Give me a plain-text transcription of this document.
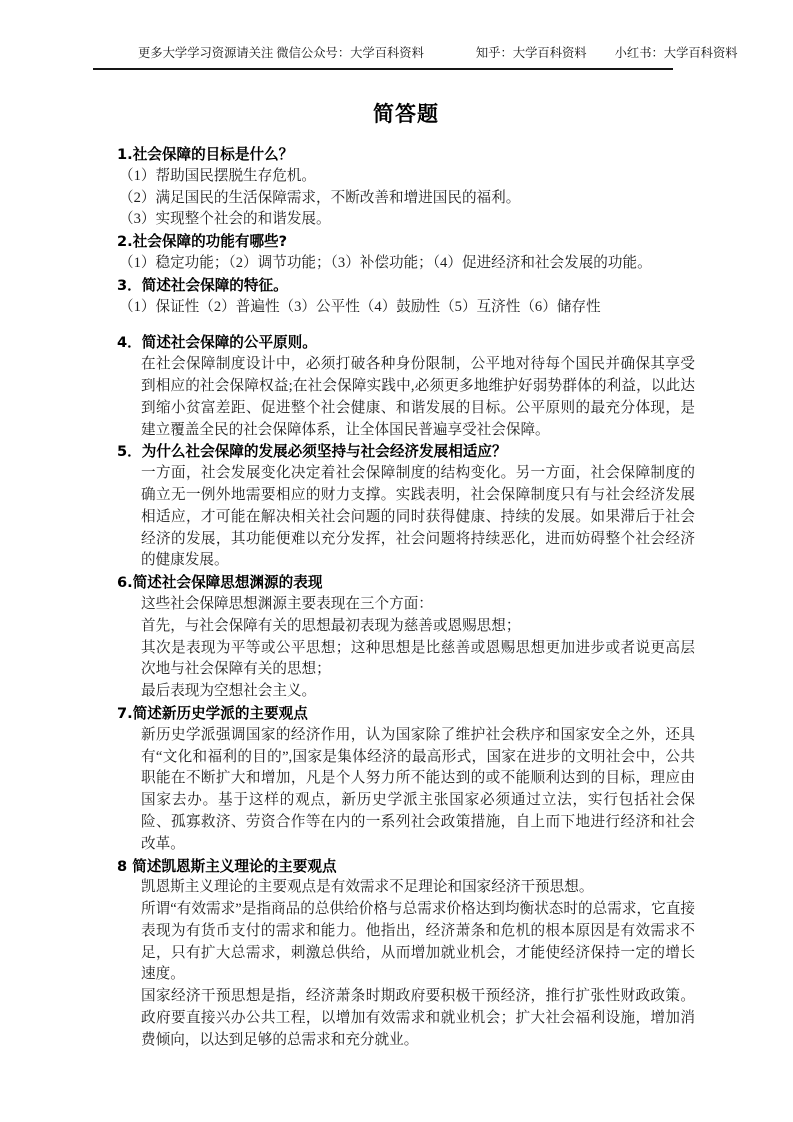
更多大学学习资源请关注 微信公众号：大学百科资料	知乎：大学百科资料 小红书：大学百科资料
简答题
1.社会保障的目标是什么？
（1）帮助国民摆脱生存危机。
（2）满足国民的生活保障需求，不断改善和增进国民的福利。
（3）实现整个社会的和谐发展。
2.社会保障的功能有哪些?
（1）稳定功能；（2）调节功能；（3）补偿功能；（4）促进经济和社会发展的功能。
3．简述社会保障的特征。
（1）保证性（2）普遍性（3）公平性（4）鼓励性（5）互济性（6）储存性
4．简述社会保障的公平原则。
在社会保障制度设计中，必须打破各种身份限制，公平地对待每个国民并确保其享受到相应的社会保障权益;在社会保障实践中,必须更多地维护好弱势群体的利益，以此达到缩小贫富差距、促进整个社会健康、和谐发展的目标。公平原则的最充分体现，是建立覆盖全民的社会保障体系，让全体国民普遍享受社会保障。
5．为什么社会保障的发展必须坚持与社会经济发展相适应？
一方面，社会发展变化决定着社会保障制度的结构变化。另一方面，社会保障制度的确立无一例外地需要相应的财力支撑。实践表明，社会保障制度只有与社会经济发展相适应，才可能在解决相关社会问题的同时获得健康、持续的发展。如果滞后于社会经济的发展，其功能便难以充分发挥，社会问题将持续恶化，进而妨碍整个社会经济的健康发展。
6.简述社会保障思想渊源的表现
这些社会保障思想渊源主要表现在三个方面：
首先，与社会保障有关的思想最初表现为慈善或恩赐思想；
其次是表现为平等或公平思想；这种思想是比慈善或恩赐思想更加进步或者说更高层次地与社会保障有关的思想；
最后表现为空想社会主义。
7.简述新历史学派的主要观点
新历史学派强调国家的经济作用，认为国家除了维护社会秩序和国家安全之外，还具有“文化和福利的目的”,国家是集体经济的最高形式，国家在进步的文明社会中，公共职能在不断扩大和增加，凡是个人努力所不能达到的或不能顺利达到的目标，理应由国家去办。基于这样的观点，新历史学派主张国家必须通过立法，实行包括社会保险、孤寡救济、劳资合作等在内的一系列社会政策措施，自上而下地进行经济和社会改革。
8 简述凯恩斯主义理论的主要观点
凯恩斯主义理论的主要观点是有效需求不足理论和国家经济干预思想。
所谓“有效需求”是指商品的总供给价格与总需求价格达到均衡状态时的总需求，它直接表现为有货币支付的需求和能力。他指出，经济萧条和危机的根本原因是有效需求不足，只有扩大总需求，刺激总供给，从而增加就业机会，才能使经济保持一定的增长速度。
国家经济干预思想是指，经济萧条时期政府要积极干预经济，推行扩张性财政政策。政府要直接兴办公共工程，以增加有效需求和就业机会；扩大社会福利设施，增加消费倾向，以达到足够的总需求和充分就业。
